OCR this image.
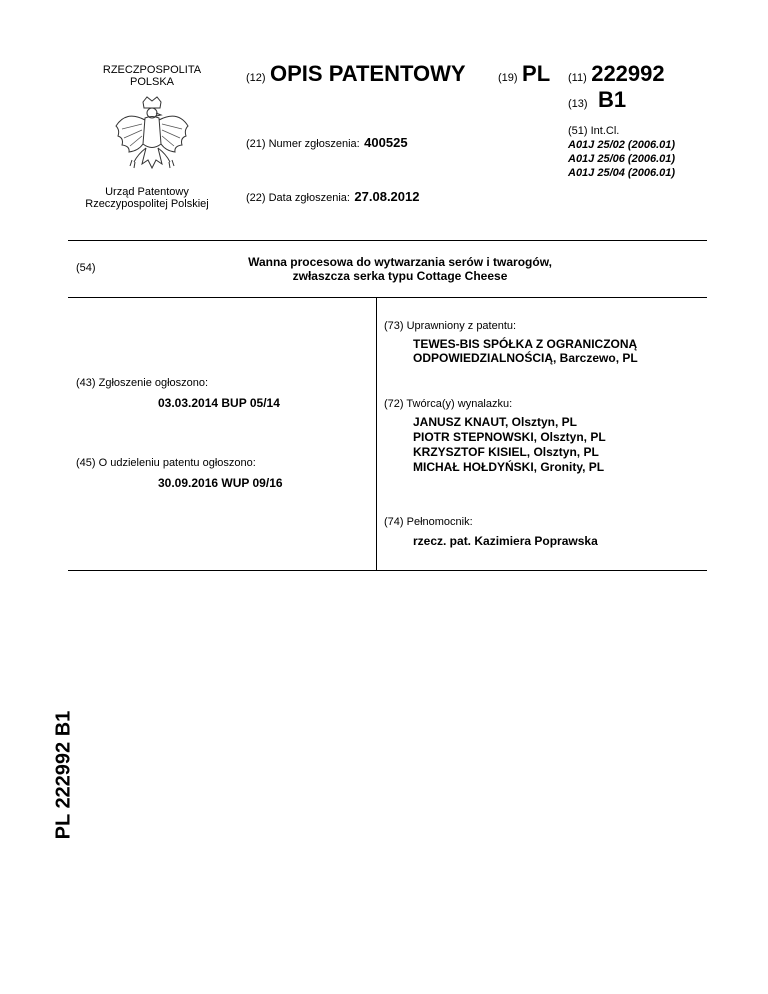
RZECZPOSPOLITA
POLSKA
Urząd Patentowy
Rzeczypospolitej Polskiej
(12) OPIS PATENTOWY	(19) PL
(21) Numer zgłoszenia: 400525
(22) Data zgłoszenia: 27.08.2012
(11) 222992
(13) B1
(51) Int.Cl.
A01J 25/02 (2006.01)
A01J 25/06 (2006.01)
A01J 25/04 (2006.01)
(54)	Wanna procesowa do wytwarzania serów i twarogów,
zwłaszcza serka typu Cottage Cheese
(43) Zgłoszenie ogłoszono:
03.03.2014 BUP 05/14
(45) O udzieleniu patentu ogłoszono:
30.09.2016 WUP 09/16
(73) Uprawniony z patentu:
TEWES-BIS SPÓŁKA Z OGRANICZONĄ
ODPOWIEDZIALNOŚCIĄ, Barczewo, PL
(72) Twórca(y) wynalazku:
JANUSZ KNAUT, Olsztyn, PL
PIOTR STEPNOWSKI, Olsztyn, PL
KRZYSZTOF KISIEL, Olsztyn, PL
MICHAŁ HOŁDYŃSKI, Gronity, PL
(74) Pełnomocnik:
rzecz. pat. Kazimiera Poprawska
PL 222992 B1
